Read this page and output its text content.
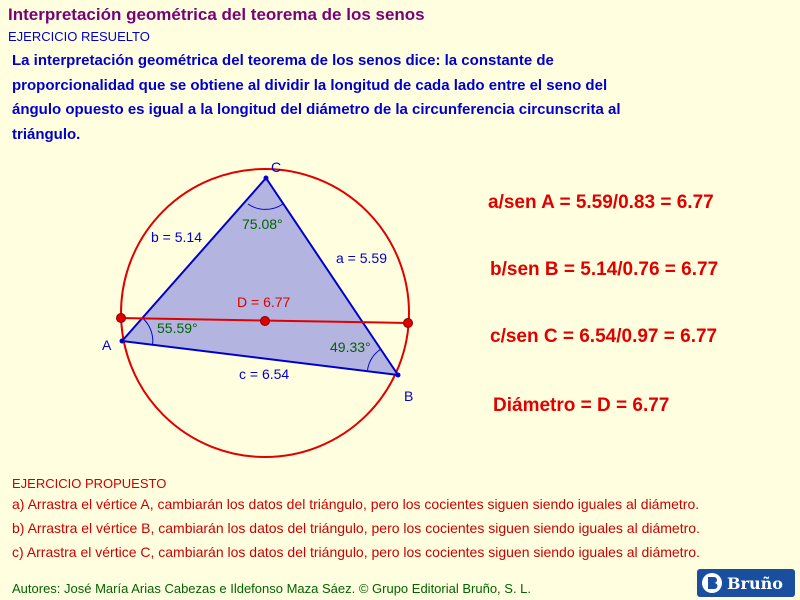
Interpretación geométrica del teorema de los senos
EJERCICIO RESUELTO
La interpretación geométrica del teorema de los senos dice: la constante de proporcionalidad que se obtiene al dividir la longitud de cada lado entre el seno del ángulo opuesto es igual a la longitud del diámetro de la circunferencia circunscrita al triángulo.
A
B
C
b = 5.14
a = 5.59
c = 6.54
75.08°
55.59°
49.33°
D = 6.77
a/sen A = 5.59/0.83 = 6.77
b/sen B = 5.14/0.76 = 6.77
c/sen C = 6.54/0.97 = 6.77
Diámetro = D = 6.77
EJERCICIO PROPUESTO
a) Arrastra el vértice A, cambiarán los datos del triángulo, pero los cocientes siguen siendo iguales al diámetro.
b) Arrastra el vértice B, cambiarán los datos del triángulo, pero los cocientes siguen siendo iguales al diámetro.
c) Arrastra el vértice C, cambiarán los datos del triángulo, pero los cocientes siguen siendo iguales al diámetro.
Autores: José María Arias Cabezas e Ildefonso Maza Sáez. © Grupo Editorial Bruño, S. L.	Bruño
